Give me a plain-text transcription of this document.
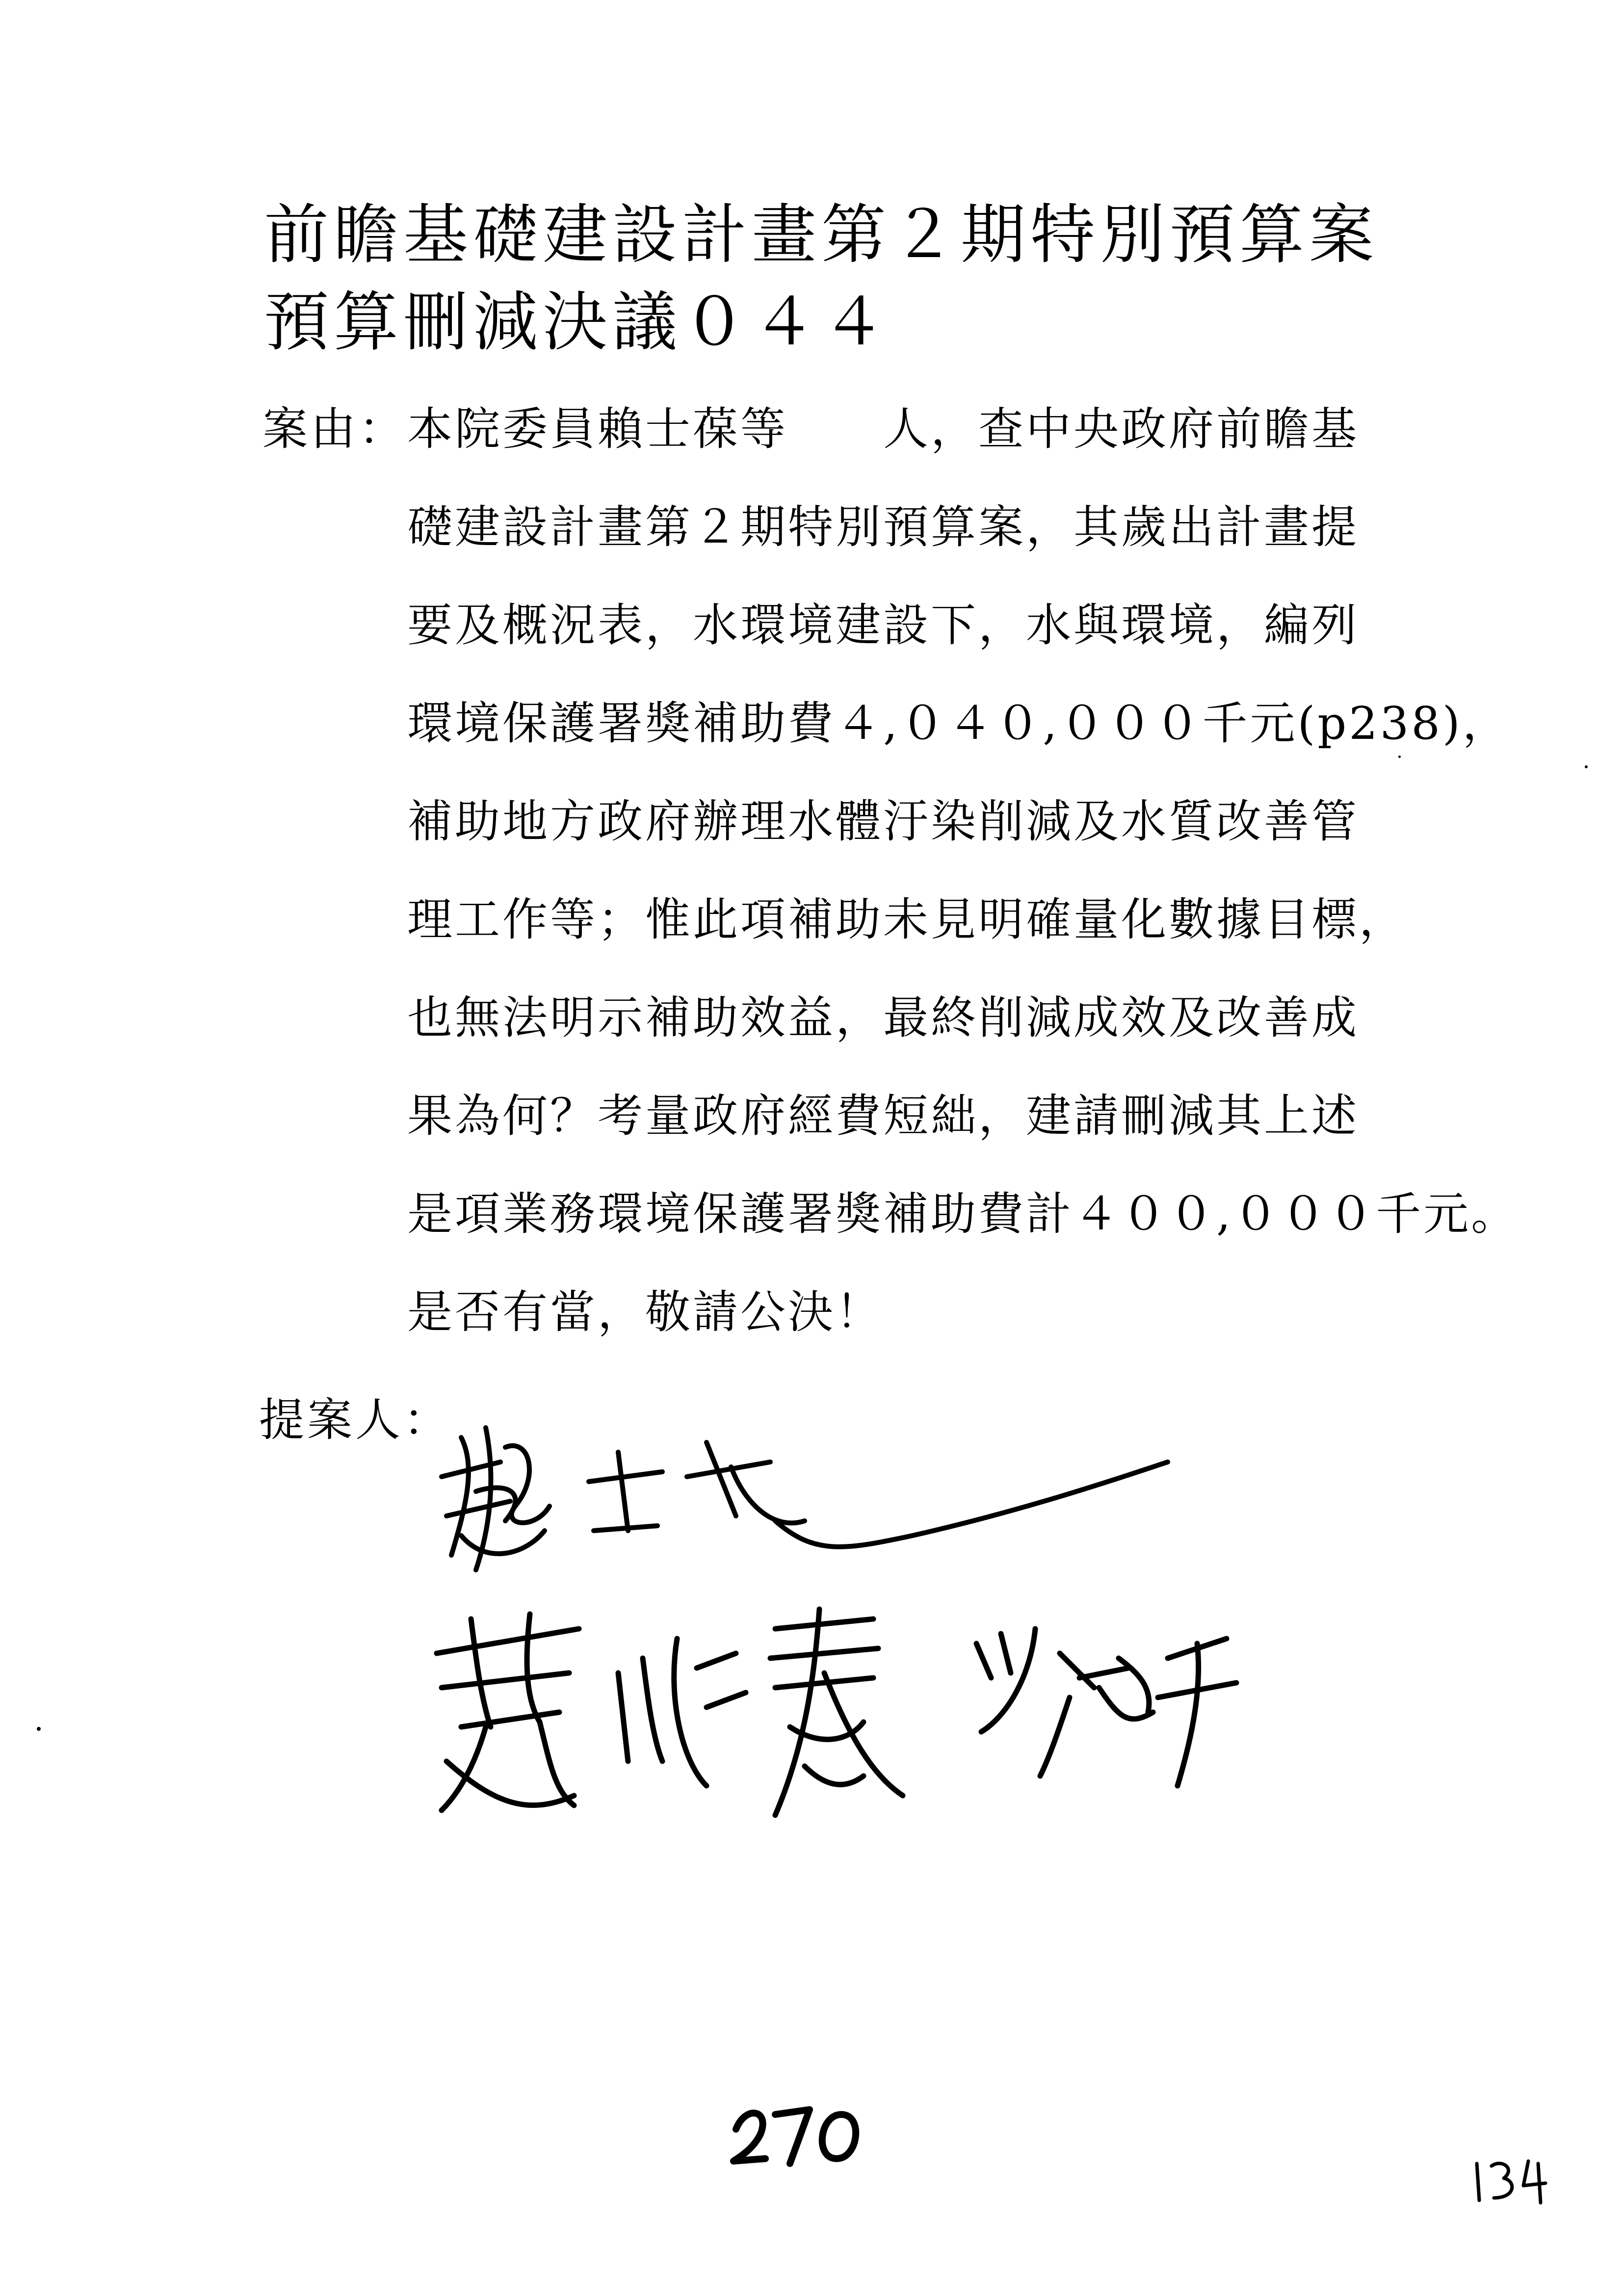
前瞻基礎建設計畫第２期特別預算案
預算刪減決議０４４
案由： 本院委員賴士葆等　　人，查中央政府前瞻基
礎建設計畫第２期特別預算案，其歲出計畫提
要及概況表，水環境建設下，水與環境，編列
環境保護署獎補助費４,０４０,０００千元(p238)，
補助地方政府辦理水體汙染削減及水質改善管
理工作等；惟此項補助未見明確量化數據目標，
也無法明示補助效益，最終削減成效及改善成
果為何？考量政府經費短絀，建請刪減其上述
是項業務環境保護署獎補助費計４００,０００千元。
是否有當，敬請公決！
提案人：
